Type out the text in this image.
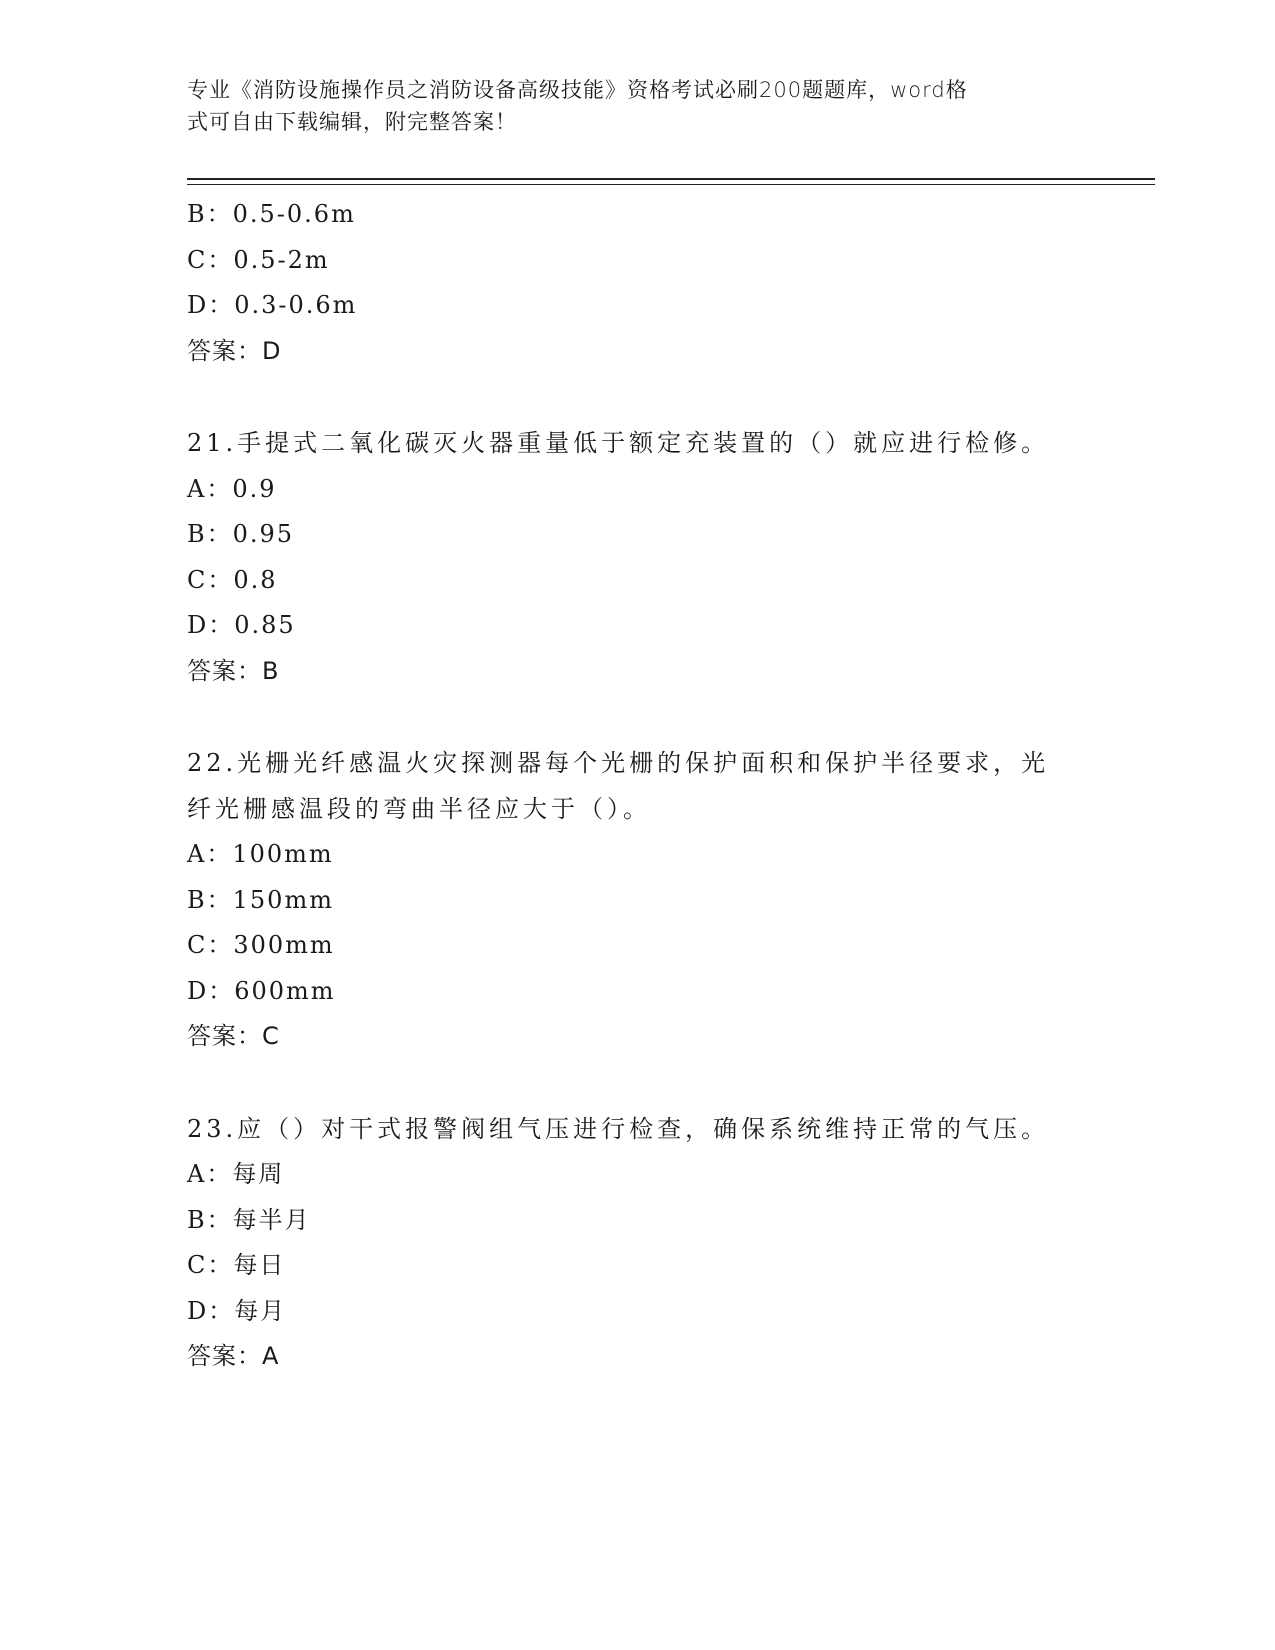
专业《消防设施操作员之消防设备高级技能》资格考试必刷200题题库，word格
式可自由下载编辑，附完整答案！
B：0.5-0.6m
C：0.5-2m
D：0.3-0.6m
答案：D
21.手提式二氧化碳灭火器重量低于额定充装置的（）就应进行检修。
A：0.9
B：0.95
C：0.8
D：0.85
答案：B
22.光栅光纤感温火灾探测器每个光栅的保护面积和保护半径要求，光
纤光栅感温段的弯曲半径应大于（）。
A：100mm
B：150mm
C：300mm
D：600mm
答案：C
23.应（）对干式报警阀组气压进行检查，确保系统维持正常的气压。
A：每周
B：每半月
C：每日
D：每月
答案：A
